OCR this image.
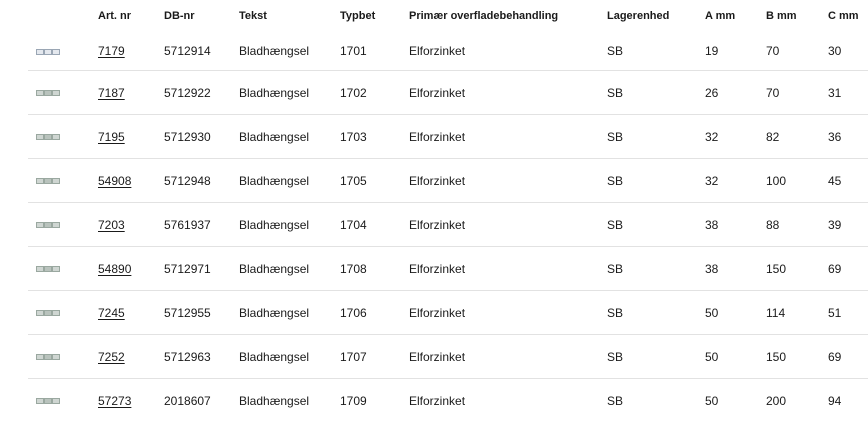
	Art. nr	DB-nr	Tekst	Typbet	Primær overfladebehandling	Lagerenhed	A mm	B mm	C mm

	7179	5712914	Bladhængsel	1701	Elforzinket	SB	19	70	30

	7187	5712922	Bladhængsel	1702	Elforzinket	SB	26	70	31

	7195	5712930	Bladhængsel	1703	Elforzinket	SB	32	82	36

	54908	5712948	Bladhængsel	1705	Elforzinket	SB	32	100	45

	7203	5761937	Bladhængsel	1704	Elforzinket	SB	38	88	39

	54890	5712971	Bladhængsel	1708	Elforzinket	SB	38	150	69

	7245	5712955	Bladhængsel	1706	Elforzinket	SB	50	114	51

	7252	5712963	Bladhængsel	1707	Elforzinket	SB	50	150	69

	57273	2018607	Bladhængsel	1709	Elforzinket	SB	50	200	94
